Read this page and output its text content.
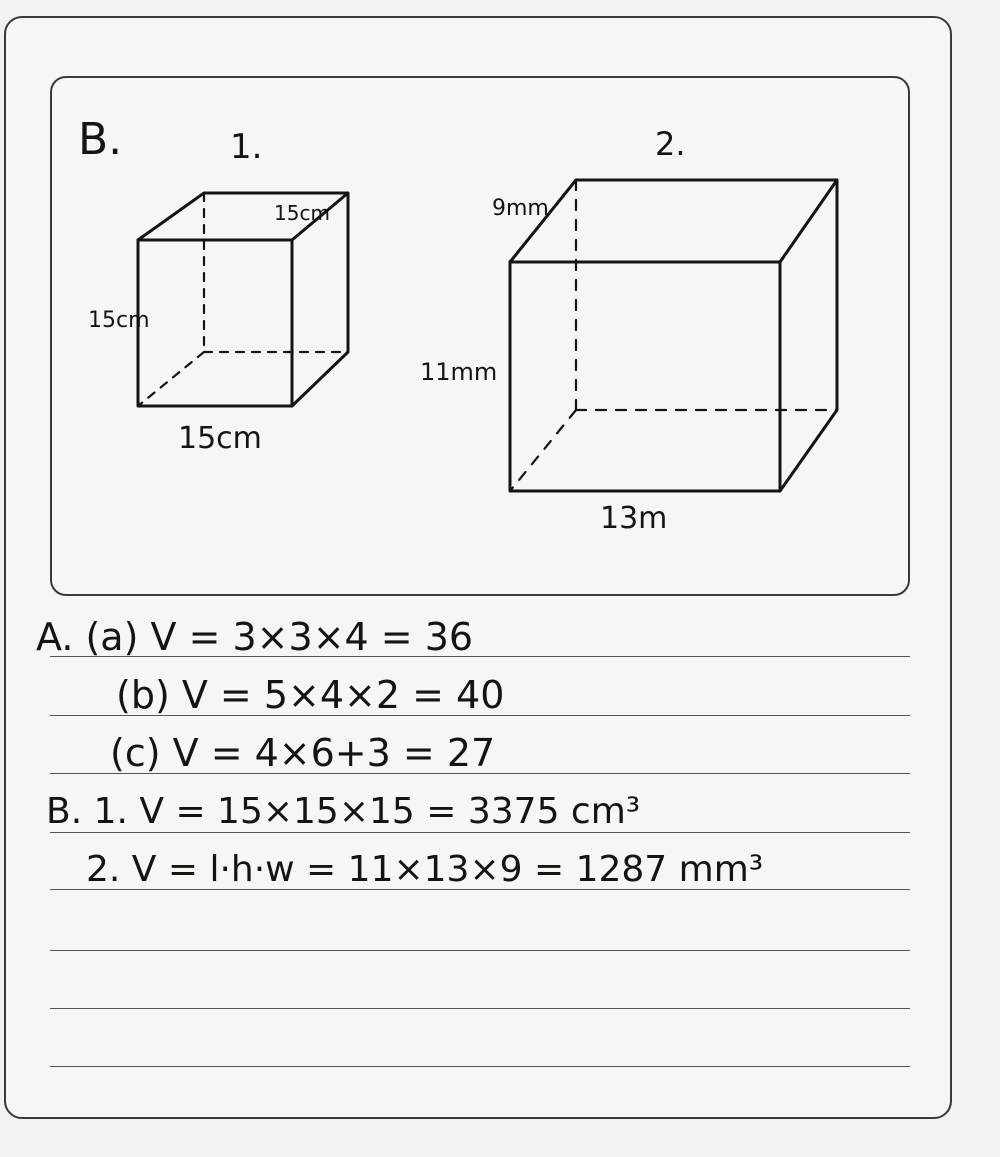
B.	1.	2.
15cm
15cm
15cm
9mm
11mm
13m
A. (a) V = 3×3×4 = 36
(b) V = 5×4×2 = 40
(c) V = 4×6+3 = 27
B. 1. V = 15×15×15 = 3375 cm³
2. V = l·h·w = 11×13×9 = 1287 mm³
